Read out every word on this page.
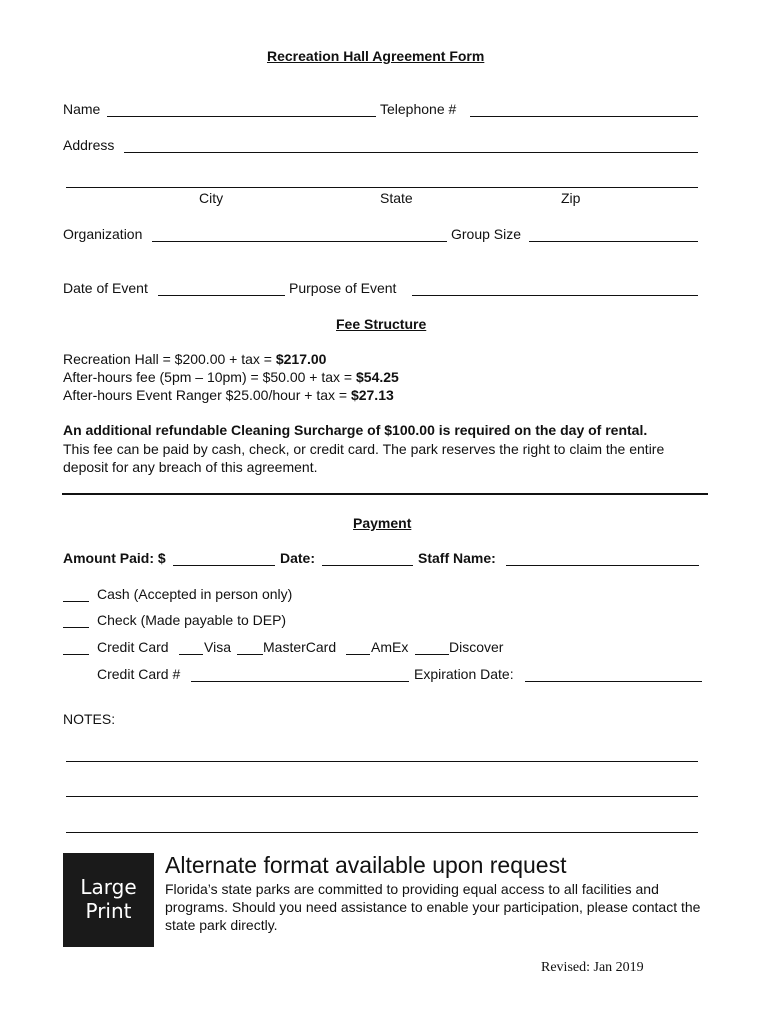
Recreation Hall Agreement Form
Name	Telephone #
Address
City	State	Zip
Organization	Group Size
Date of Event	Purpose of Event
Fee Structure
Recreation Hall = $200.00 + tax = $217.00
After-hours fee (5pm – 10pm) = $50.00 + tax = $54.25
After-hours Event Ranger $25.00/hour + tax = $27.13
An additional refundable Cleaning Surcharge of $100.00 is required on the day of rental.
This fee can be paid by cash, check, or credit card. The park reserves the right to claim the entire deposit for any breach of this agreement.
Payment
Amount Paid: $	Date:	Staff Name:
Cash (Accepted in person only)
Check (Made payable to DEP)
Credit Card	Visa MasterCard AmEx	Discover
Credit Card #	Expiration Date:
NOTES:
Large
Print
Alternate format available upon request
Florida’s state parks are committed to providing equal access to all facilities and programs. Should you need assistance to enable your participation, please contact the state park directly.
Revised: Jan 2019
